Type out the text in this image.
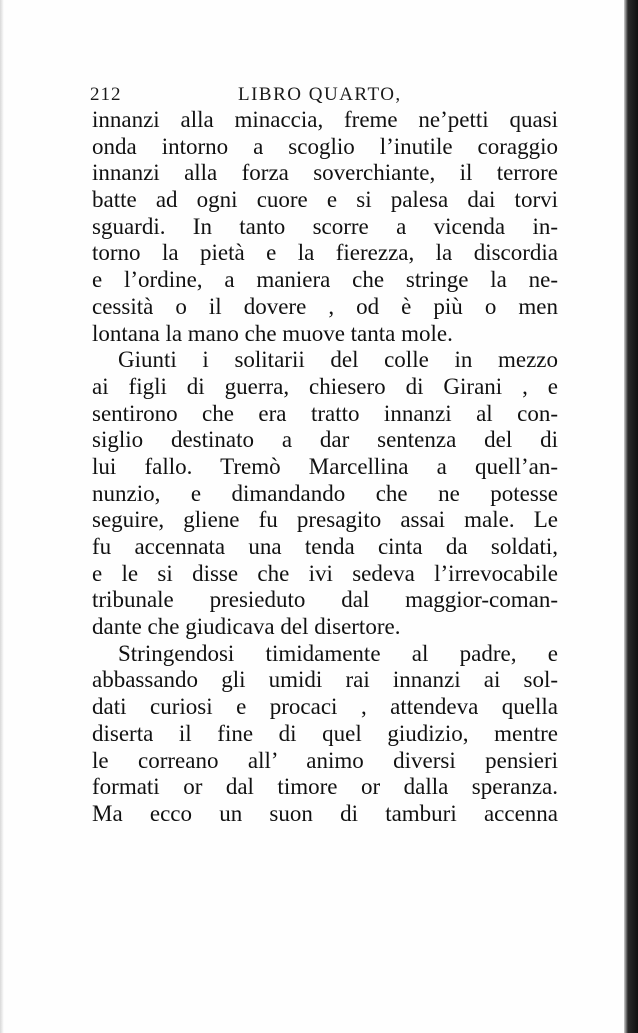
212	LIBRO QUARTO,
innanzi alla minaccia, freme ne’petti quasi
onda intorno a scoglio l’inutile coraggio
innanzi alla forza soverchiante, il terrore
batte ad ogni cuore e si palesa dai torvi
sguardi. In tanto scorre a vicenda in-
torno la pietà e la fierezza, la discordia
e l’ordine, a maniera che stringe la ne-
cessità o il dovere , od è più o men
lontana la mano che muove tanta mole.
Giunti i solitarii del colle in mezzo
ai figli di guerra, chiesero di Girani , e
sentirono che era tratto innanzi al con-
siglio destinato a dar sentenza del di
lui fallo. Tremò Marcellina a quell’an-
nunzio, e dimandando che ne potesse
seguire, gliene fu presagito assai male. Le
fu accennata una tenda cinta da soldati,
e le si disse che ivi sedeva l’irrevocabile
tribunale presieduto dal maggior-coman-
dante che giudicava del disertore.
Stringendosi timidamente al padre, e
abbassando gli umidi rai innanzi ai sol-
dati curiosi e procaci , attendeva quella
diserta il fine di quel giudizio, mentre
le correano all’ animo diversi pensieri
formati or dal timore or dalla speranza.
Ma ecco un suon di tamburi accenna
